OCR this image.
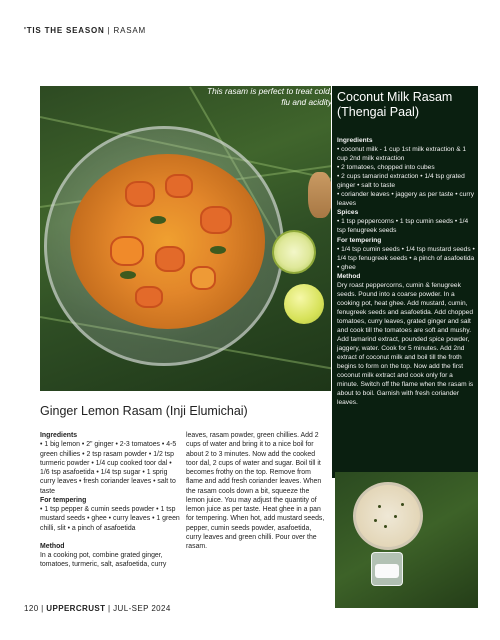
'TIS THE SEASON | RASAM
This rasam is perfect to treat cold, flu and acidity Coconut Milk Rasam (Thengai Paal)

Ingredients

• coconut milk - 1 cup 1st milk extraction & 1 cup 2nd milk extraction

• 2 tomatoes, chopped into cubes

• 2 cups tamarind extraction • 1/4 tsp grated ginger • salt to taste

• coriander leaves • jaggery as per taste • curry leaves

Spices

• 1 tsp peppercorns • 1 tsp cumin seeds • 1/4 tsp fenugreek seeds

For tempering

• 1/4 tsp cumin seeds • 1/4 tsp mustard seeds • 1/4 tsp fenugreek seeds • a pinch of asafoetida • ghee

Method

Dry roast peppercorns, cumin & fenugreek seeds. Pound into a coarse powder. In a cooking pot, heat ghee. Add mustard, cumin, fenugreek seeds and asafoetida. Add chopped tomatoes, curry leaves, grated ginger and salt and cook till the tomatoes are soft and mushy. Add tamarind extract, pounded spice powder, jaggery, water. Cook for 5 minutes. Add 2nd extract of coconut milk and boil till the froth begins to form on the top. Now add the first coconut milk extract and cook only for a minute. Switch off the flame when the rasam is about to boil. Garnish with fresh coriander leaves.

Ginger Lemon Rasam (Inji Elumichai)

Ingredients

• 1 big lemon • 2" ginger • 2-3 tomatoes • 4-5 green chillies • 2 tsp rasam powder • 1/2 tsp turmeric powder • 1/4 cup cooked toor dal • 1/6 tsp asafoetida • 1/4 tsp sugar • 1 sprig curry leaves • fresh coriander leaves • salt to taste

For tempering

• 1 tsp pepper & cumin seeds powder • 1 tsp mustard seeds • ghee • curry leaves • 1 green chilli, slit • a pinch of asafoetida

Method

In a cooking pot, combine grated ginger, tomatoes, turmeric, salt, asafoetida, curry

leaves, rasam powder, green chillies. Add 2 cups of water and bring it to a nice boil for about 2 to 3 minutes. Now add the cooked toor dal, 2 cups of water and sugar. Boil till it becomes frothy on the top. Remove from flame and add fresh coriander leaves. When the rasam cools down a bit, squeeze the lemon juice. You may adjust the quantity of lemon juice as per taste. Heat ghee in a pan for tempering. When hot, add mustard seeds, pepper, cumin seeds powder, asafoetida, curry leaves and green chilli. Pour over the rasam.

120 | UPPERCRUST | JUL-SEP 2024
